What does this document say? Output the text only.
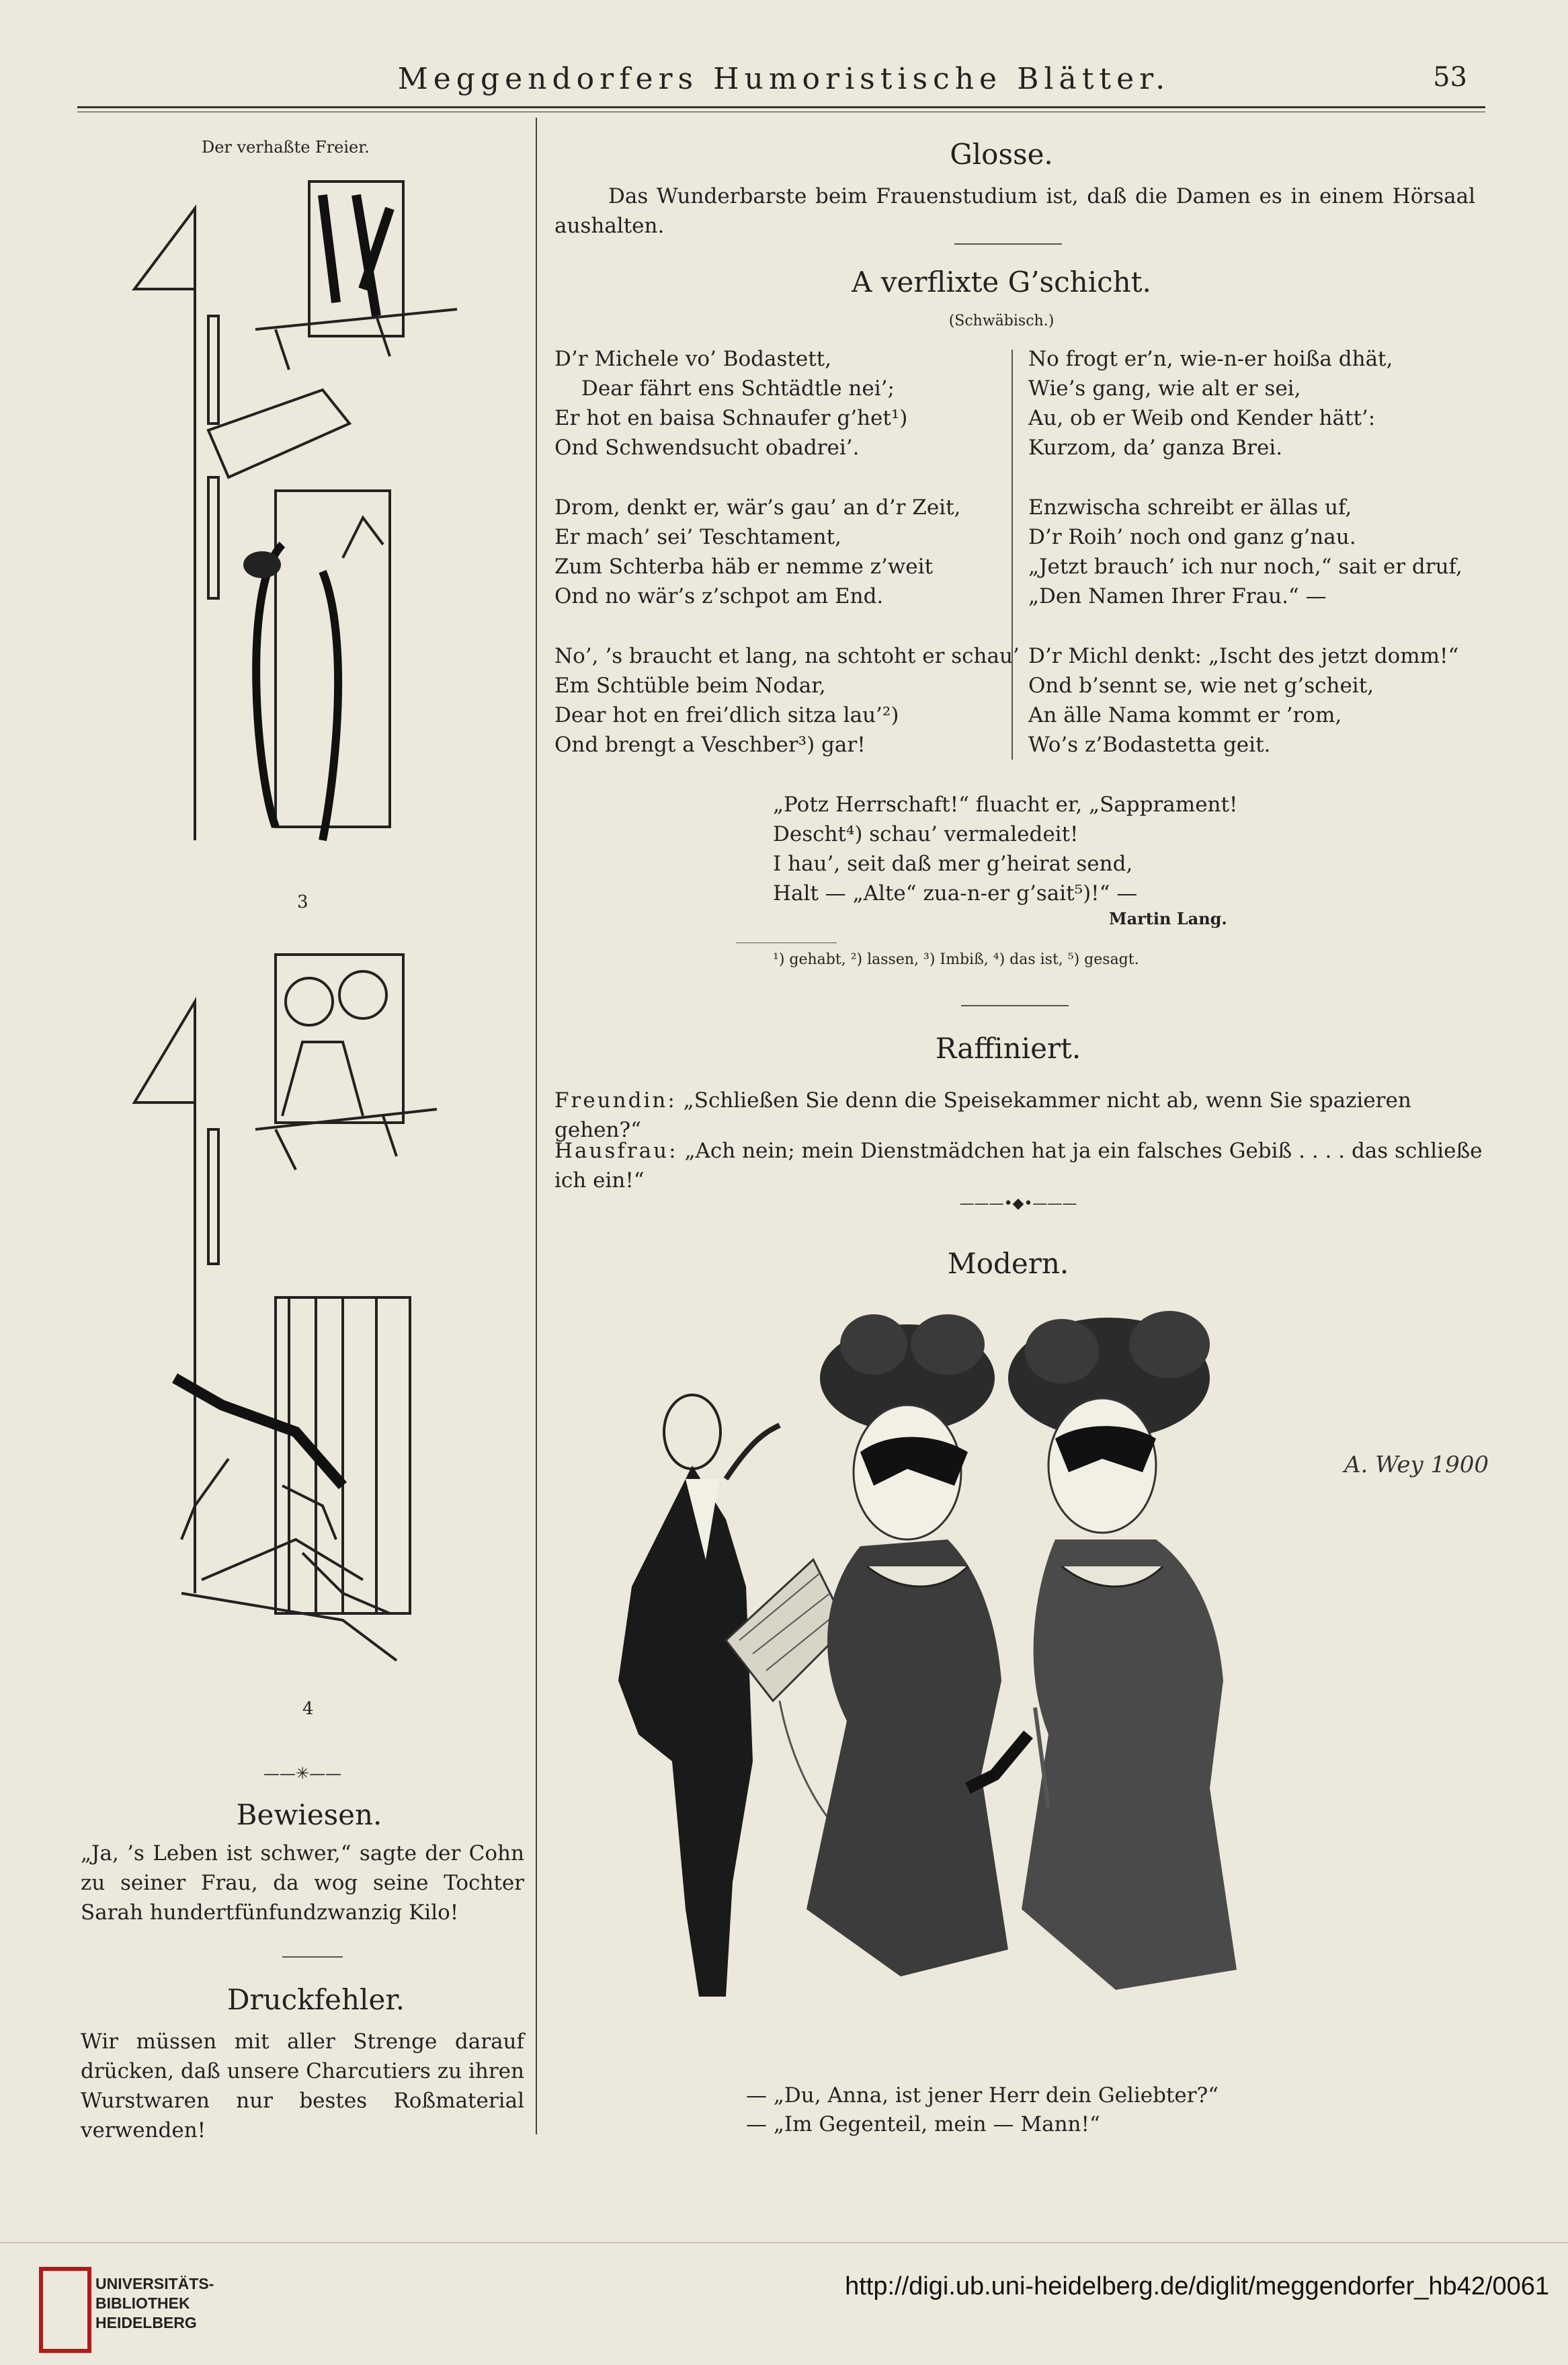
Meggendorfers Humoristische Blätter.	53
Der verhaßte Freier.
3
4
——✳——
Bewiesen.
„Ja, ’s Leben ist schwer,“ sagte der Cohn zu seiner Frau, da wog seine Tochter Sarah hundertfünfundzwanzig Kilo!
Druckfehler.
Wir müssen mit aller Strenge darauf drücken, daß unsere Charcutiers zu ihren Wurstwaren nur bestes Roßmaterial verwenden!
Glosse.
Das Wunderbarste beim Frauenstudium ist, daß die Damen es in einem Hörsaal aushalten.
A verflixte G’schicht.
(Schwäbisch.)
D’r Michele vo’ Bodastett,
Dear fährt ens Schtädtle nei’;
Er hot en baisa Schnaufer g’het¹)
Ond Schwendsucht obadrei’.
Drom, denkt er, wär’s gau’ an d’r Zeit,
Er mach’ sei’ Teschtament,
Zum Schterba häb er nemme z’weit
Ond no wär’s z’schpot am End.
No’, ’s braucht et lang, na schtoht er schau’
Em Schtüble beim Nodar,
Dear hot en frei’dlich sitza lau’²)
Ond brengt a Veschber³) gar!
No frogt er’n, wie-n-er hoißa dhät,
Wie’s gang, wie alt er sei,
Au, ob er Weib ond Kender hätt’:
Kurzom, da’ ganza Brei.
Enzwischa schreibt er ällas uf,
D’r Roih’ noch ond ganz g’nau.
„Jetzt brauch’ ich nur noch,“ sait er druf,
„Den Namen Ihrer Frau.“ —
D’r Michl denkt: „Ischt des jetzt domm!“
Ond b’sennt se, wie net g’scheit,
An älle Nama kommt er ’rom,
Wo’s z’Bodastetta geit.
„Potz Herrschaft!“ fluacht er, „Sapprament!
Descht⁴) schau’ vermaledeit!
I hau’, seit daß mer g’heirat send,
Halt — „Alte“ zua-n-er g’sait⁵)!“ —
Martin Lang.
¹) gehabt, ²) lassen, ³) Imbiß, ⁴) das ist, ⁵) gesagt.
Raffiniert.
Freundin: „Schließen Sie denn die Speisekammer nicht ab, wenn Sie spazieren gehen?“
Hausfrau: „Ach nein; mein Dienstmädchen hat ja ein falsches Gebiß . . . . das schließe ich ein!“
———•◆•———
Modern.
A. Wey 1900
— „Du, Anna, ist jener Herr dein Geliebter?“
— „Im Gegenteil, mein — Mann!“
UNIVERSITÄTS-
BIBLIOTHEK
HEIDELBERG
http://digi.ub.uni-heidelberg.de/diglit/meggendorfer_hb42/0061
